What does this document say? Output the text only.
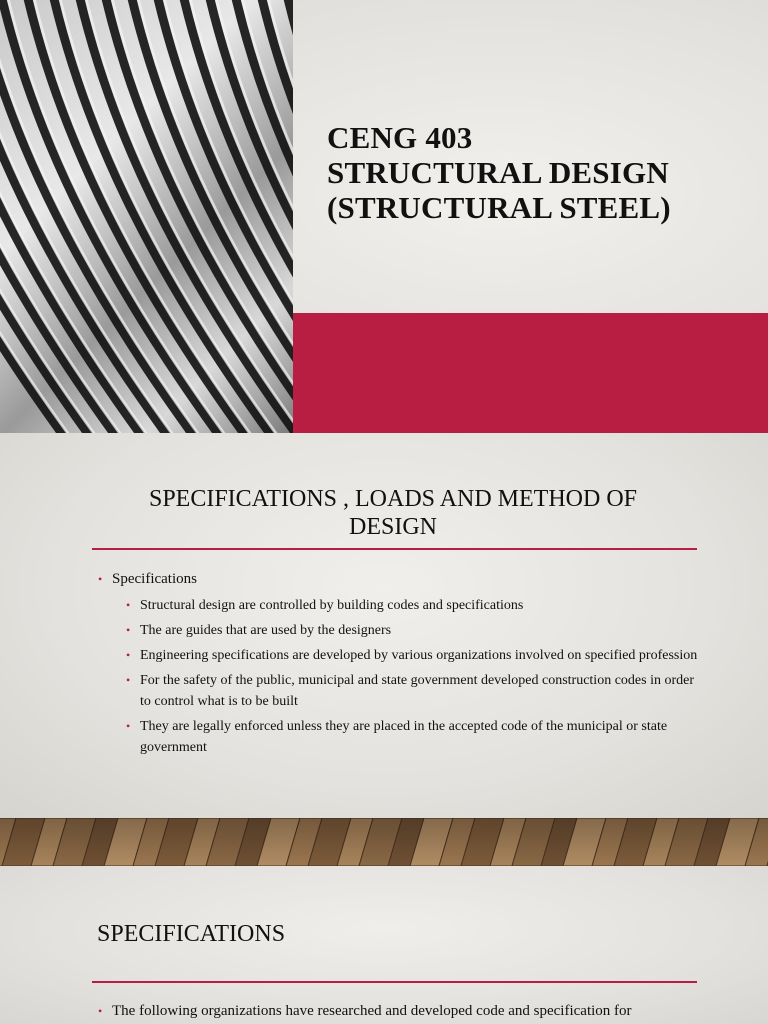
CENG 403
STRUCTURAL DESIGN
(STRUCTURAL STEEL)
SPECIFICATIONS , LOADS AND METHOD OF
DESIGN
• Specifications
• Structural design are controlled by building codes and specifications
• The are guides that are used by the designers
• Engineering specifications are developed by various organizations involved on specified profession
• For the safety of the public, municipal and state government developed construction codes in order to control what is to be built
• They are legally enforced unless they are placed in the accepted code of the municipal or state government
SPECIFICATIONS
• The following organizations have researched and developed code and specification for
